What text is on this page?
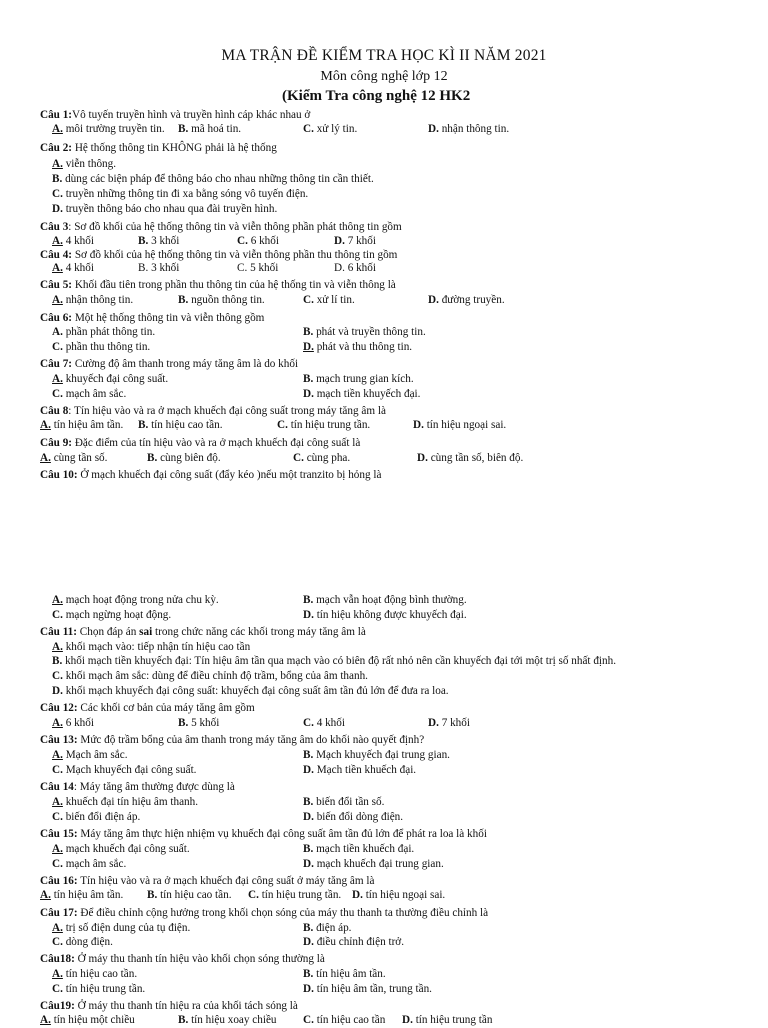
MA TRẬN ĐỀ KIỂM TRA HỌC KÌ II NĂM 2021
Môn công nghệ lớp 12
(Kiểm Tra công nghệ 12 HK2
Câu 1:Vô tuyến truyền hình và truyền hình cáp khác nhau ở
A. môi trường truyền tin. B. mã hoá tin.	C. xử lý tin.	D. nhận thông tin.
Câu 2: Hệ thống thông tin KHÔNG phải là hệ thống
A. viễn thông.
B. dùng các biện pháp để thông báo cho nhau những thông tin cần thiết.
C. truyền những thông tin đi xa bằng sóng vô tuyến điện.
D. truyền thông báo cho nhau qua đài truyền hình.
Câu 3: Sơ đồ khối của hệ thống thông tin và viễn thông phần phát thông tin gồm
A. 4 khối	B. 3 khối	C. 6 khối	D. 7 khối
Câu 4: Sơ đồ khối của hệ thống thông tin và viễn thông phần thu thông tin gồm
A. 4 khối	B. 3 khối	C. 5 khối	D. 6 khối
Câu 5: Khối đầu tiên trong phần thu thông tin của hệ thống tin và viễn thông là
A. nhận thông tin.	B. nguồn thông tin.	C. xử lí tin.	D. đường truyền.
Câu 6: Một hệ thống thông tin và viễn thông gồm
A. phần phát thông tin.	B. phát và truyền thông tin.
C. phần thu thông tin.	D. phát và thu thông tin.
Câu 7: Cường độ âm thanh trong máy tăng âm là do khối
A. khuyếch đại công suất.	B. mạch trung gian kích.
C. mạch âm sắc.	D. mạch tiền khuyếch đại.
Câu 8: Tín hiệu vào và ra ở mạch khuếch đại công suất trong máy tăng âm là
A. tín hiệu âm tần. B. tín hiệu cao tần.	C. tín hiệu trung tần.	D. tín hiệu ngoại sai.
Câu 9: Đặc điểm của tín hiệu vào và ra ở mạch khuếch đại công suất là
A. cùng tần số.	B. cùng biên độ.	C. cùng pha.	D. cùng tần số, biên độ.
Câu 10: Ở mạch khuếch đại công suất (đẩy kéo )nếu một tranzito bị hỏng là
A. mạch hoạt động trong nửa chu kỳ.	B. mạch vẫn hoạt động bình thường.
C. mạch ngừng hoạt động.	D. tín hiệu không được khuyếch đại.
Câu 11: Chọn đáp án sai trong chức năng các khối trong máy tăng âm là
A. khối mạch vào: tiếp nhận tín hiệu cao tần
B. khối mạch tiền khuyếch đại: Tín hiệu âm tần qua mạch vào có biên độ rất nhỏ nên cần khuyếch đại tới một trị số nhất định.
C. khối mạch âm sắc: dùng để điều chỉnh độ trầm, bổng của âm thanh.
D. khối mạch khuyếch đại công suất: khuyếch đại công suất âm tần đủ lớn để đưa ra loa.
Câu 12: Các khối cơ bản của máy tăng âm gồm
A. 6 khối	B. 5 khối	C. 4 khối	D. 7 khối
Câu 13: Mức độ trầm bổng của âm thanh trong máy tăng âm do khối nào quyết định?
A. Mạch âm sắc.	B. Mạch khuyếch đại trung gian.
C. Mạch khuyếch đại công suất.	D. Mạch tiền khuếch đại.
Câu 14: Máy tăng âm thường được dùng là
A. khuếch đại tín hiệu âm thanh.	B. biến đổi tần số.
C. biến đổi điện áp.	D. biến đổi dòng điện.
Câu 15: Máy tăng âm thực hiện nhiệm vụ khuếch đại công suất âm tần đủ lớn để phát ra loa là khối
A. mạch khuếch đại công suất.	B. mạch tiền khuếch đại.
C. mạch âm sắc.	D. mạch khuếch đại trung gian.
Câu 16: Tín hiệu vào và ra ở mạch khuếch đại công suất ở máy tăng âm là
A. tín hiệu âm tần. B. tín hiệu cao tần. C. tín hiệu trung tần. D. tín hiệu ngoại sai.
Câu 17: Để điều chỉnh cộng hưởng trong khối chọn sóng của máy thu thanh ta thường điều chỉnh là
A. trị số điện dung của tụ điện.	B. điện áp.
C. dòng điện.	D. điều chỉnh điện trở.
Câu18: Ở máy thu thanh tín hiệu vào khối chọn sóng thường là
A. tín hiệu cao tần.	B. tín hiệu âm tần.
C. tín hiệu trung tần.	D. tín hiệu âm tần, trung tần.
Câu19: Ở máy thu thanh tín hiệu ra của khối tách sóng là
A. tín hiệu một chiều	B. tín hiệu xoay chiều C. tín hiệu cao tần D. tín hiệu trung tần
